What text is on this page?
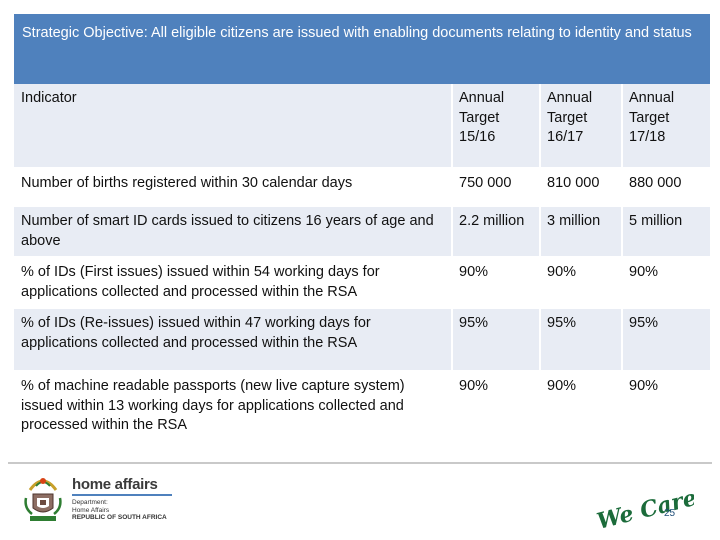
Strategic Objective: All eligible citizens are issued with enabling documents relating to identity and status
Indicator	Annual Target 15/16	Annual Target 16/17	Annual Target 17/18
Number of births registered within 30 calendar days	750 000	810 000	880 000
Number of smart ID cards issued to citizens 16 years of age and above	2.2 million	3 million	5 million
% of IDs (First issues) issued within 54 working days for applications collected and processed within the RSA	90%	90%	90%
% of IDs (Re-issues) issued within 47 working days for applications collected and processed within the RSA	95%	95%	95%
% of machine readable passports (new live capture system) issued within 13 working days for applications collected and processed within the RSA	90%	90%	90%
home affairs
Department:
Home Affairs
REPUBLIC OF SOUTH AFRICA	We Care!
25
